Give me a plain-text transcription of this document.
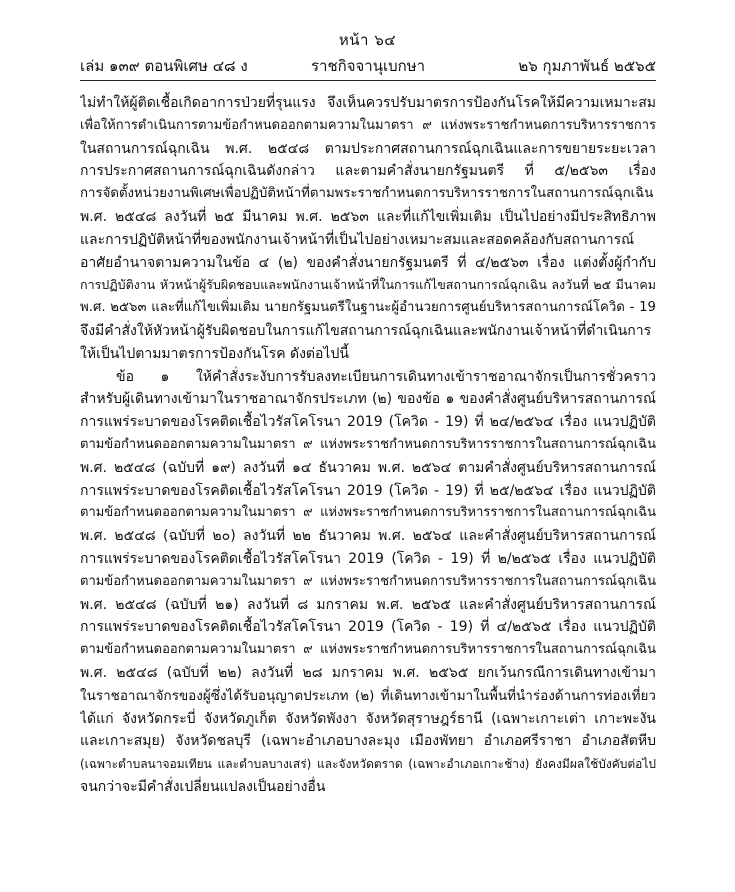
หน้า ๖๔
เล่ม ๑๓๙ ตอนพิเศษ ๔๘ ง	ราชกิจจานุเบกษา	๒๖ กุมภาพันธ์ ๒๕๖๕
ไม่ทำให้ผู้ติดเชื้อเกิดอาการป่วยที่รุนแรง จึงเห็นควรปรับมาตรการป้องกันโรคให้มีความเหมาะสม
เพื่อให้การดำเนินการตามข้อกำหนดออกตามความในมาตรา ๙ แห่งพระราชกำหนดการบริหารราชการ
ในสถานการณ์ฉุกเฉิน พ.ศ. ๒๕๔๘ ตามประกาศสถานการณ์ฉุกเฉินและการขยายระยะเวลา
การประกาศสถานการณ์ฉุกเฉินดังกล่าว และตามคำสั่งนายกรัฐมนตรี ที่ ๕/๒๕๖๓ เรื่อง
การจัดตั้งหน่วยงานพิเศษเพื่อปฏิบัติหน้าที่ตามพระราชกำหนดการบริหารราชการในสถานการณ์ฉุกเฉิน
พ.ศ. ๒๕๔๘ ลงวันที่ ๒๕ มีนาคม พ.ศ. ๒๕๖๓ และที่แก้ไขเพิ่มเติม เป็นไปอย่างมีประสิทธิภาพ
และการปฏิบัติหน้าที่ของพนักงานเจ้าหน้าที่เป็นไปอย่างเหมาะสมและสอดคล้องกับสถานการณ์
อาศัยอำนาจตามความในข้อ ๔ (๒) ของคำสั่งนายกรัฐมนตรี ที่ ๔/๒๕๖๓ เรื่อง แต่งตั้งผู้กำกับ
การปฏิบัติงาน หัวหน้าผู้รับผิดชอบและพนักงานเจ้าหน้าที่ในการแก้ไขสถานการณ์ฉุกเฉิน ลงวันที่ ๒๕ มีนาคม
พ.ศ. ๒๕๖๓ และที่แก้ไขเพิ่มเติม นายกรัฐมนตรีในฐานะผู้อำนวยการศูนย์บริหารสถานการณ์โควิด - 19
จึงมีคำสั่งให้หัวหน้าผู้รับผิดชอบในการแก้ไขสถานการณ์ฉุกเฉินและพนักงานเจ้าหน้าที่ดำเนินการ
ให้เป็นไปตามมาตรการป้องกันโรค ดังต่อไปนี้
ข้อ ๑ ให้คำสั่งระงับการรับลงทะเบียนการเดินทางเข้าราชอาณาจักรเป็นการชั่วคราว
สำหรับผู้เดินทางเข้ามาในราชอาณาจักรประเภท (๒) ของข้อ ๑ ของคำสั่งศูนย์บริหารสถานการณ์
การแพร่ระบาดของโรคติดเชื้อไวรัสโคโรนา 2019 (โควิด - 19) ที่ ๒๔/๒๕๖๔ เรื่อง แนวปฏิบัติ
ตามข้อกำหนดออกตามความในมาตรา ๙ แห่งพระราชกำหนดการบริหารราชการในสถานการณ์ฉุกเฉิน
พ.ศ. ๒๕๔๘ (ฉบับที่ ๑๙) ลงวันที่ ๑๔ ธันวาคม พ.ศ. ๒๕๖๔ ตามคำสั่งศูนย์บริหารสถานการณ์
การแพร่ระบาดของโรคติดเชื้อไวรัสโคโรนา 2019 (โควิด - 19) ที่ ๒๕/๒๕๖๔ เรื่อง แนวปฏิบัติ
ตามข้อกำหนดออกตามความในมาตรา ๙ แห่งพระราชกำหนดการบริหารราชการในสถานการณ์ฉุกเฉิน
พ.ศ. ๒๕๔๘ (ฉบับที่ ๒๐) ลงวันที่ ๒๒ ธันวาคม พ.ศ. ๒๕๖๔ และคำสั่งศูนย์บริหารสถานการณ์
การแพร่ระบาดของโรคติดเชื้อไวรัสโคโรนา 2019 (โควิด - 19) ที่ ๒/๒๕๖๕ เรื่อง แนวปฏิบัติ
ตามข้อกำหนดออกตามความในมาตรา ๙ แห่งพระราชกำหนดการบริหารราชการในสถานการณ์ฉุกเฉิน
พ.ศ. ๒๕๔๘ (ฉบับที่ ๒๑) ลงวันที่ ๘ มกราคม พ.ศ. ๒๕๖๕ และคำสั่งศูนย์บริหารสถานการณ์
การแพร่ระบาดของโรคติดเชื้อไวรัสโคโรนา 2019 (โควิด - 19) ที่ ๔/๒๕๖๕ เรื่อง แนวปฏิบัติ
ตามข้อกำหนดออกตามความในมาตรา ๙ แห่งพระราชกำหนดการบริหารราชการในสถานการณ์ฉุกเฉิน
พ.ศ. ๒๕๔๘ (ฉบับที่ ๒๒) ลงวันที่ ๒๘ มกราคม พ.ศ. ๒๕๖๕ ยกเว้นกรณีการเดินทางเข้ามา
ในราชอาณาจักรของผู้ซึ่งได้รับอนุญาตประเภท (๒) ที่เดินทางเข้ามาในพื้นที่นำร่องด้านการท่องเที่ยว
ได้แก่ จังหวัดกระบี่ จังหวัดภูเก็ต จังหวัดพังงา จังหวัดสุราษฎร์ธานี (เฉพาะเกาะเต่า เกาะพะงัน
และเกาะสมุย) จังหวัดชลบุรี (เฉพาะอำเภอบางละมุง เมืองพัทยา อำเภอศรีราชา อำเภอสัตหีบ
(เฉพาะตำบลนาจอมเทียน และตำบลบางเสร่) และจังหวัดตราด (เฉพาะอำเภอเกาะช้าง) ยังคงมีผลใช้บังคับต่อไป
จนกว่าจะมีคำสั่งเปลี่ยนแปลงเป็นอย่างอื่น
